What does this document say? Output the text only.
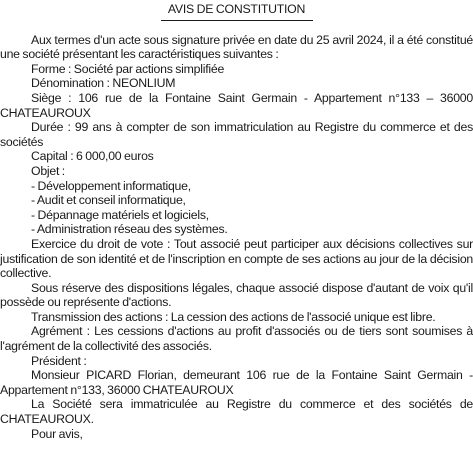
AVIS DE CONSTITUTION

Aux termes d'un acte sous signature privée en date du 25 avril 2024, il a été constitué une société présentant les caractéristiques suivantes :

Forme : Société par actions simplifiée

Dénomination : NEONLIUM

Siège : 106 rue de la Fontaine Saint Germain - Appartement n°133 – 36000 CHATEAUROUX

Durée : 99 ans à compter de son immatriculation au Registre du commerce et des sociétés

Capital : 6 000,00 euros

Objet :

- Développement informatique,

- Audit et conseil informatique,

- Dépannage matériels et logiciels,

- Administration réseau des systèmes.

Exercice du droit de vote : Tout associé peut participer aux décisions collectives sur justification de son identité et de l'inscription en compte de ses actions au jour de la décision collective.

Sous réserve des dispositions légales, chaque associé dispose d'autant de voix qu'il possède ou représente d'actions.

Transmission des actions : La cession des actions de l'associé unique est libre.

Agrément : Les cessions d'actions au profit d'associés ou de tiers sont soumises à l'agrément de la collectivité des associés.

Président :

Monsieur PICARD Florian, demeurant 106 rue de la Fontaine Saint Germain - Appartement n°133, 36000 CHATEAUROUX

La Société sera immatriculée au Registre du commerce et des sociétés de CHATEAUROUX.

Pour avis,
